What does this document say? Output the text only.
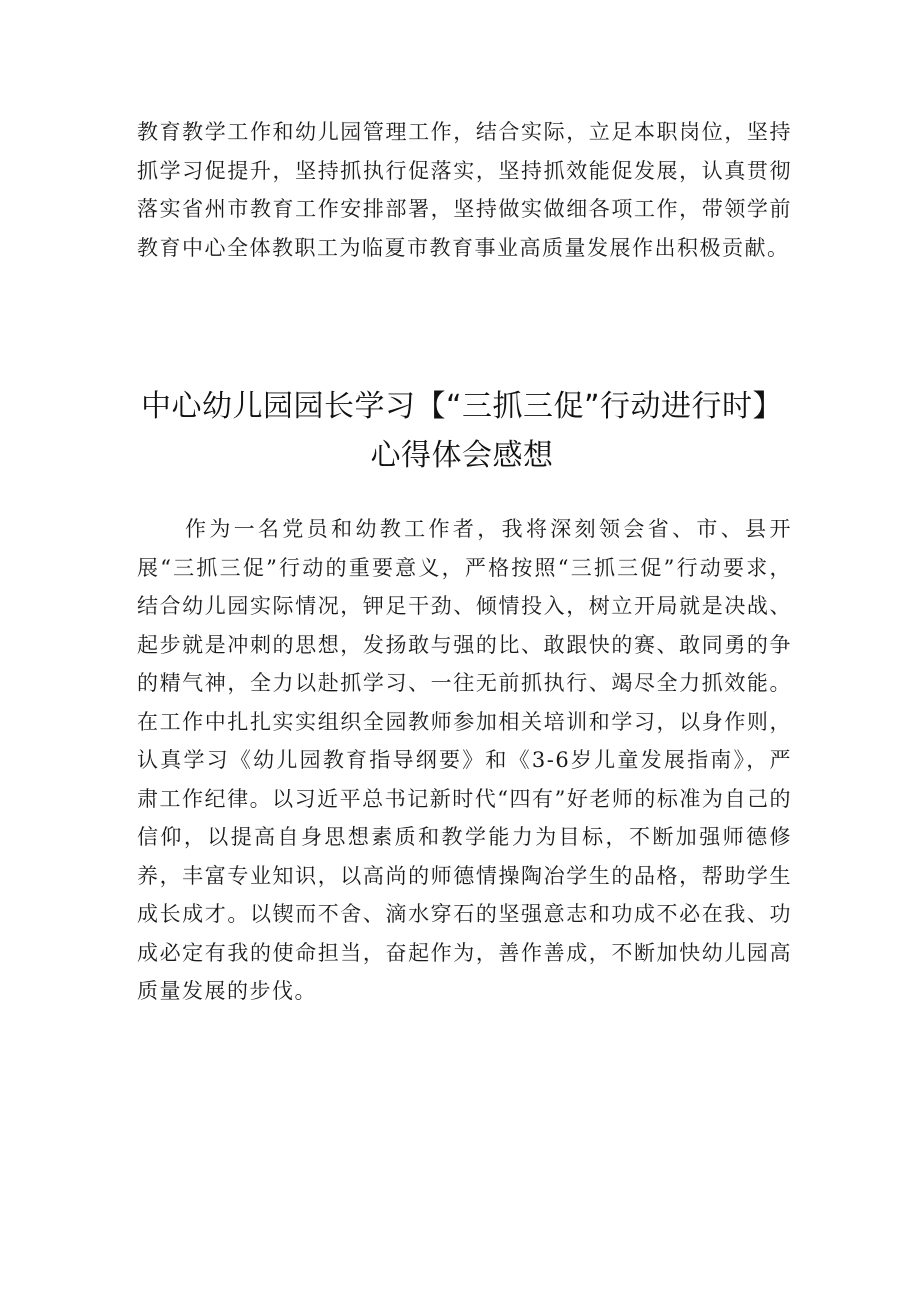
教育教学工作和幼儿园管理工作，结合实际，立足本职岗位，坚持抓学习促提升，坚持抓执行促落实，坚持抓效能促发展，认真贯彻落实省州市教育工作安排部署，坚持做实做细各项工作，带领学前教育中心全体教职工为临夏市教育事业高质量发展作出积极贡献。

中心幼儿园园长学习【“三抓三促”行动进行时】心得体会感想

作为一名党员和幼教工作者，我将深刻领会省、市、县开展“三抓三促”行动的重要意义，严格按照“三抓三促”行动要求，结合幼儿园实际情况，钾足干劲、倾情投入，树立开局就是决战、起步就是冲刺的思想，发扬敢与强的比、敢跟快的赛、敢同勇的争的精气神，全力以赴抓学习、一往无前抓执行、竭尽全力抓效能。在工作中扎扎实实组织全园教师参加相关培训和学习，以身作则，认真学习《幼儿园教育指导纲要》和《3-6岁儿童发展指南》，严肃工作纪律。以习近平总书记新时代“四有”好老师的标准为自己的信仰，以提高自身思想素质和教学能力为目标，不断加强师德修养，丰富专业知识，以高尚的师德情操陶冶学生的品格，帮助学生成长成才。以锲而不舍、滴水穿石的坚强意志和功成不必在我、功成必定有我的使命担当，奋起作为，善作善成，不断加快幼儿园高质量发展的步伐。
